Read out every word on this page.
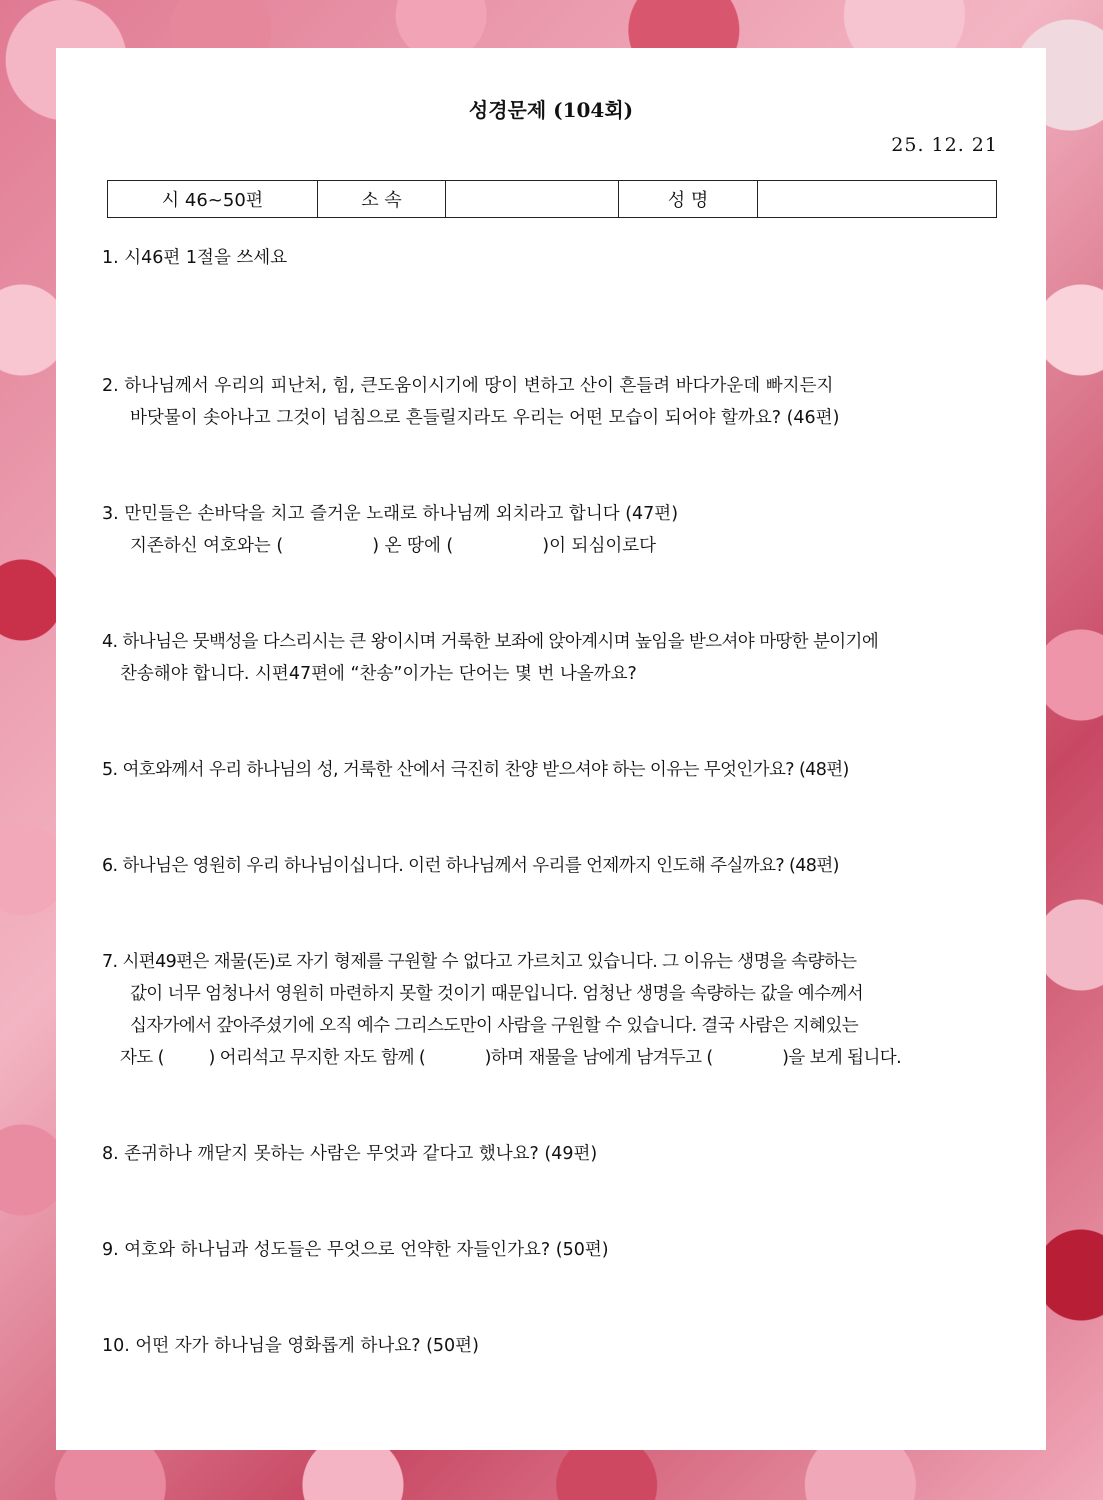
성경문제 (104회)
25. 12. 21
시 46~50편	소 속	성 명
1. 시46편 1절을 쓰세요
2. 하나님께서 우리의 피난처, 힘, 큰도움이시기에 땅이 변하고 산이 흔들려 바다가운데 빠지든지
바닷물이 솟아나고 그것이 넘침으로 흔들릴지라도 우리는 어떤 모습이 되어야 할까요? (46편)
3. 만민들은 손바닥을 치고 즐거운 노래로 하나님께 외치라고 합니다 (47편)
지존하신 여호와는 (                ) 온 땅에 (                )이 되심이로다
4. 하나님은 뭇백성을 다스리시는 큰 왕이시며 거룩한 보좌에 앉아계시며 높임을 받으셔야 마땅한 분이기에
찬송해야 합니다. 시편47편에 “찬송”이가는 단어는 몇 번 나올까요?
5. 여호와께서 우리 하나님의 성, 거룩한 산에서 극진히 찬양 받으셔야 하는 이유는 무엇인가요? (48편)
6. 하나님은 영원히 우리 하나님이십니다. 이런 하나님께서 우리를 언제까지 인도해 주실까요? (48편)
7. 시편49편은 재물(돈)로 자기 형제를 구원할 수 없다고 가르치고 있습니다. 그 이유는 생명을 속량하는
값이 너무 엄청나서 영원히 마련하지 못할 것이기 때문입니다. 엄청난 생명을 속량하는 값을 예수께서
십자가에서 갚아주셨기에 오직 예수 그리스도만이 사람을 구원할 수 있습니다. 결국 사람은 지혜있는
자도 (         ) 어리석고 무지한 자도 함께 (            )하며 재물을 남에게 남겨두고 (              )을 보게 됩니다.
8. 존귀하나 깨닫지 못하는 사람은 무엇과 같다고 했나요? (49편)
9. 여호와 하나님과 성도들은 무엇으로 언약한 자들인가요? (50편)
10. 어떤 자가 하나님을 영화롭게 하나요? (50편)
